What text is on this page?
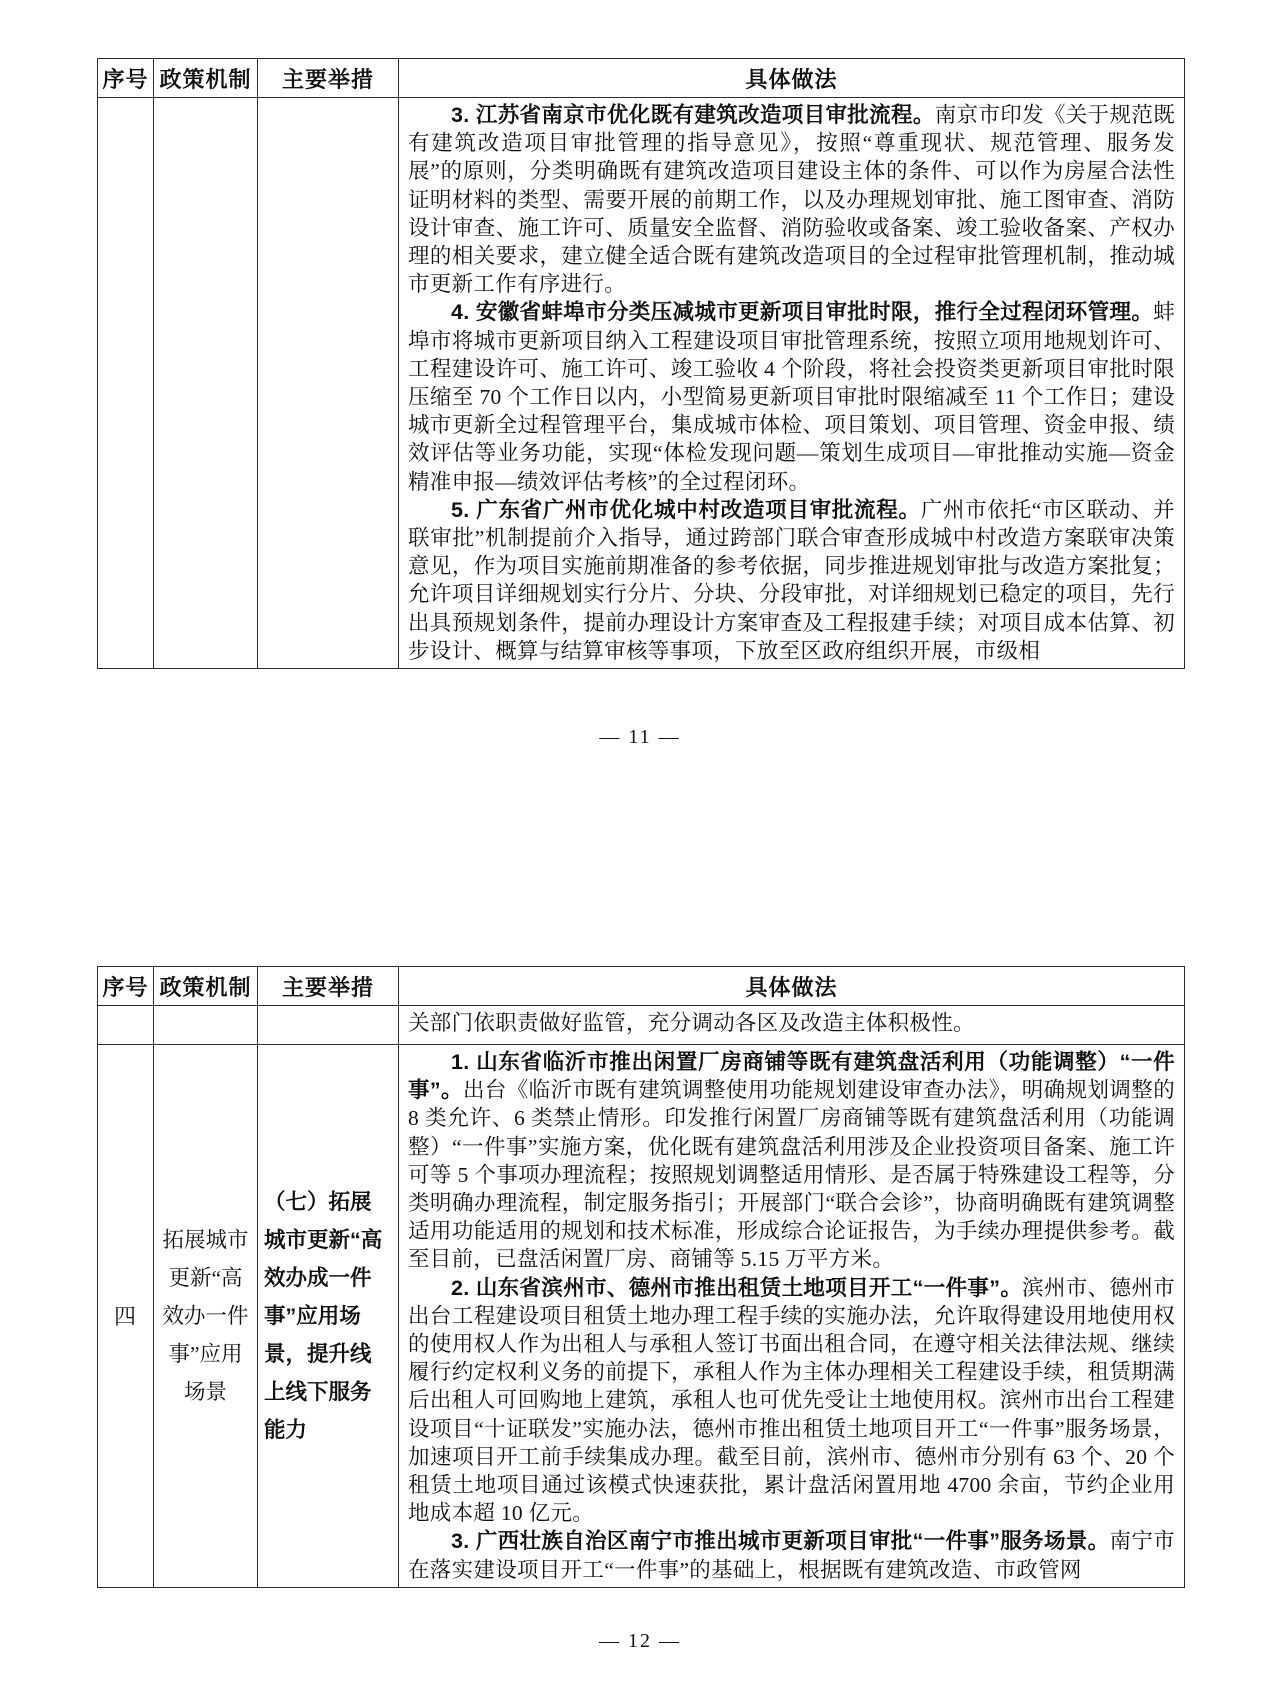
序号	政策机制	主要举措	具体做法

			3. 江苏省南京市优化既有建筑改造项目审批流程。南京市印发《关于规范既有建筑改造项目审批管理的指导意见》，按照“尊重现状、规范管理、服务发展”的原则，分类明确既有建筑改造项目建设主体的条件、可以作为房屋合法性证明材料的类型、需要开展的前期工作，以及办理规划审批、施工图审查、消防设计审查、施工许可、质量安全监督、消防验收或备案、竣工验收备案、产权办理的相关要求，建立健全适合既有建筑改造项目的全过程审批管理机制，推动城市更新工作有序进行。

4. 安徽省蚌埠市分类压减城市更新项目审批时限，推行全过程闭环管理。蚌埠市将城市更新项目纳入工程建设项目审批管理系统，按照立项用地规划许可、工程建设许可、施工许可、竣工验收 4 个阶段，将社会投资类更新项目审批时限压缩至 70 个工作日以内，小型简易更新项目审批时限缩减至 11 个工作日；建设城市更新全过程管理平台，集成城市体检、项目策划、项目管理、资金申报、绩效评估等业务功能，实现“体检发现问题—策划生成项目—审批推动实施—资金精准申报—绩效评估考核”的全过程闭环。

5. 广东省广州市优化城中村改造项目审批流程。广州市依托“市区联动、并联审批”机制提前介入指导，通过跨部门联合审查形成城中村改造方案联审决策意见，作为项目实施前期准备的参考依据，同步推进规划审批与改造方案批复；允许项目详细规划实行分片、分块、分段审批，对详细规划已稳定的项目，先行出具预规划条件，提前办理设计方案审查及工程报建手续；对项目成本估算、初步设计、概算与结算审核等事项，下放至区政府组织开展，市级相

— 11 —
序号	政策机制	主要举措	具体做法

			关部门依职责做好监管，充分调动各区及改造主体积极性。

四	拓展城市更新“高效办一件事”应用场景	（七）拓展城市更新“高效办成一件事”应用场景，提升线上线下服务能力	1. 山东省临沂市推出闲置厂房商铺等既有建筑盘活利用（功能调整）“一件事”。出台《临沂市既有建筑调整使用功能规划建设审查办法》，明确规划调整的 8 类允许、6 类禁止情形。印发推行闲置厂房商铺等既有建筑盘活利用（功能调整）“一件事”实施方案，优化既有建筑盘活利用涉及企业投资项目备案、施工许可等 5 个事项办理流程；按照规划调整适用情形、是否属于特殊建设工程等，分类明确办理流程，制定服务指引；开展部门“联合会诊”，协商明确既有建筑调整适用功能适用的规划和技术标准，形成综合论证报告，为手续办理提供参考。截至目前，已盘活闲置厂房、商铺等 5.15 万平方米。

2. 山东省滨州市、德州市推出租赁土地项目开工“一件事”。滨州市、德州市出台工程建设项目租赁土地办理工程手续的实施办法，允许取得建设用地使用权的使用权人作为出租人与承租人签订书面出租合同，在遵守相关法律法规、继续履行约定权利义务的前提下，承租人作为主体办理相关工程建设手续，租赁期满后出租人可回购地上建筑，承租人也可优先受让土地使用权。滨州市出台工程建设项目“十证联发”实施办法，德州市推出租赁土地项目开工“一件事”服务场景，加速项目开工前手续集成办理。截至目前，滨州市、德州市分别有 63 个、20 个租赁土地项目通过该模式快速获批，累计盘活闲置用地 4700 余亩，节约企业用地成本超 10 亿元。

3. 广西壮族自治区南宁市推出城市更新项目审批“一件事”服务场景。南宁市在落实建设项目开工“一件事”的基础上，根据既有建筑改造、市政管网

— 12 —
